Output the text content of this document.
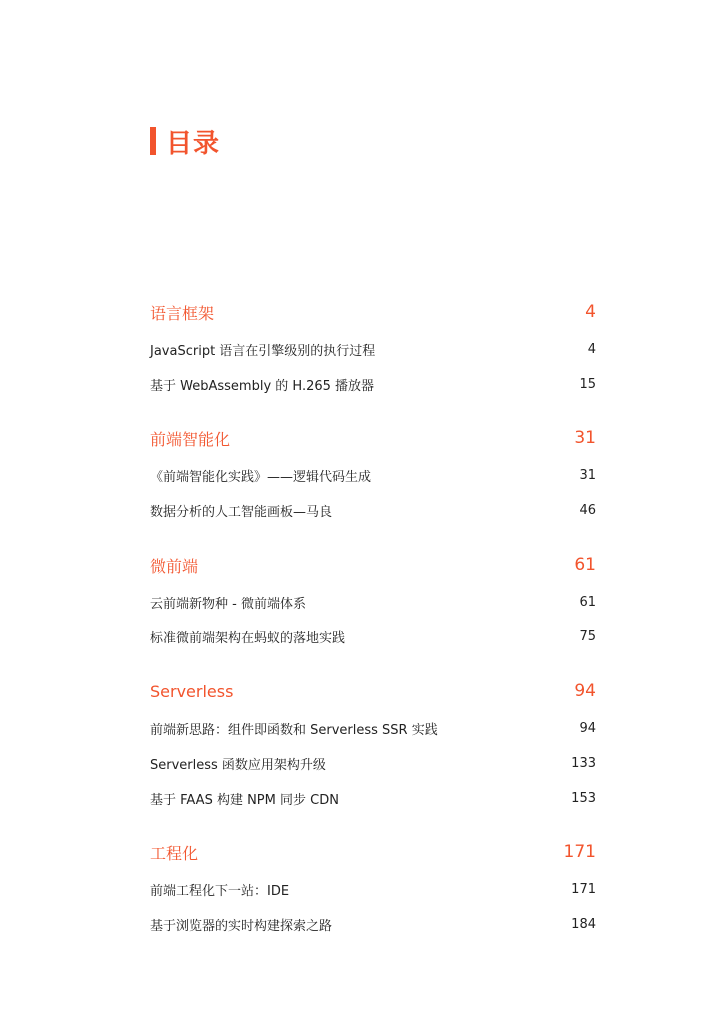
目录
语言框架	4
JavaScript 语言在引擎级别的执行过程	4
基于 WebAssembly 的 H.265 播放器	15
前端智能化	31
《前端智能化实践》——逻辑代码生成	31
数据分析的人工智能画板—马良	46
微前端	61
云前端新物种 - 微前端体系	61
标准微前端架构在蚂蚁的落地实践	75
Serverless	94
前端新思路：组件即函数和 Serverless SSR 实践	94
Serverless 函数应用架构升级	133
基于 FAAS 构建 NPM 同步 CDN	153
工程化	171
前端工程化下一站：IDE	171
基于浏览器的实时构建探索之路	184
